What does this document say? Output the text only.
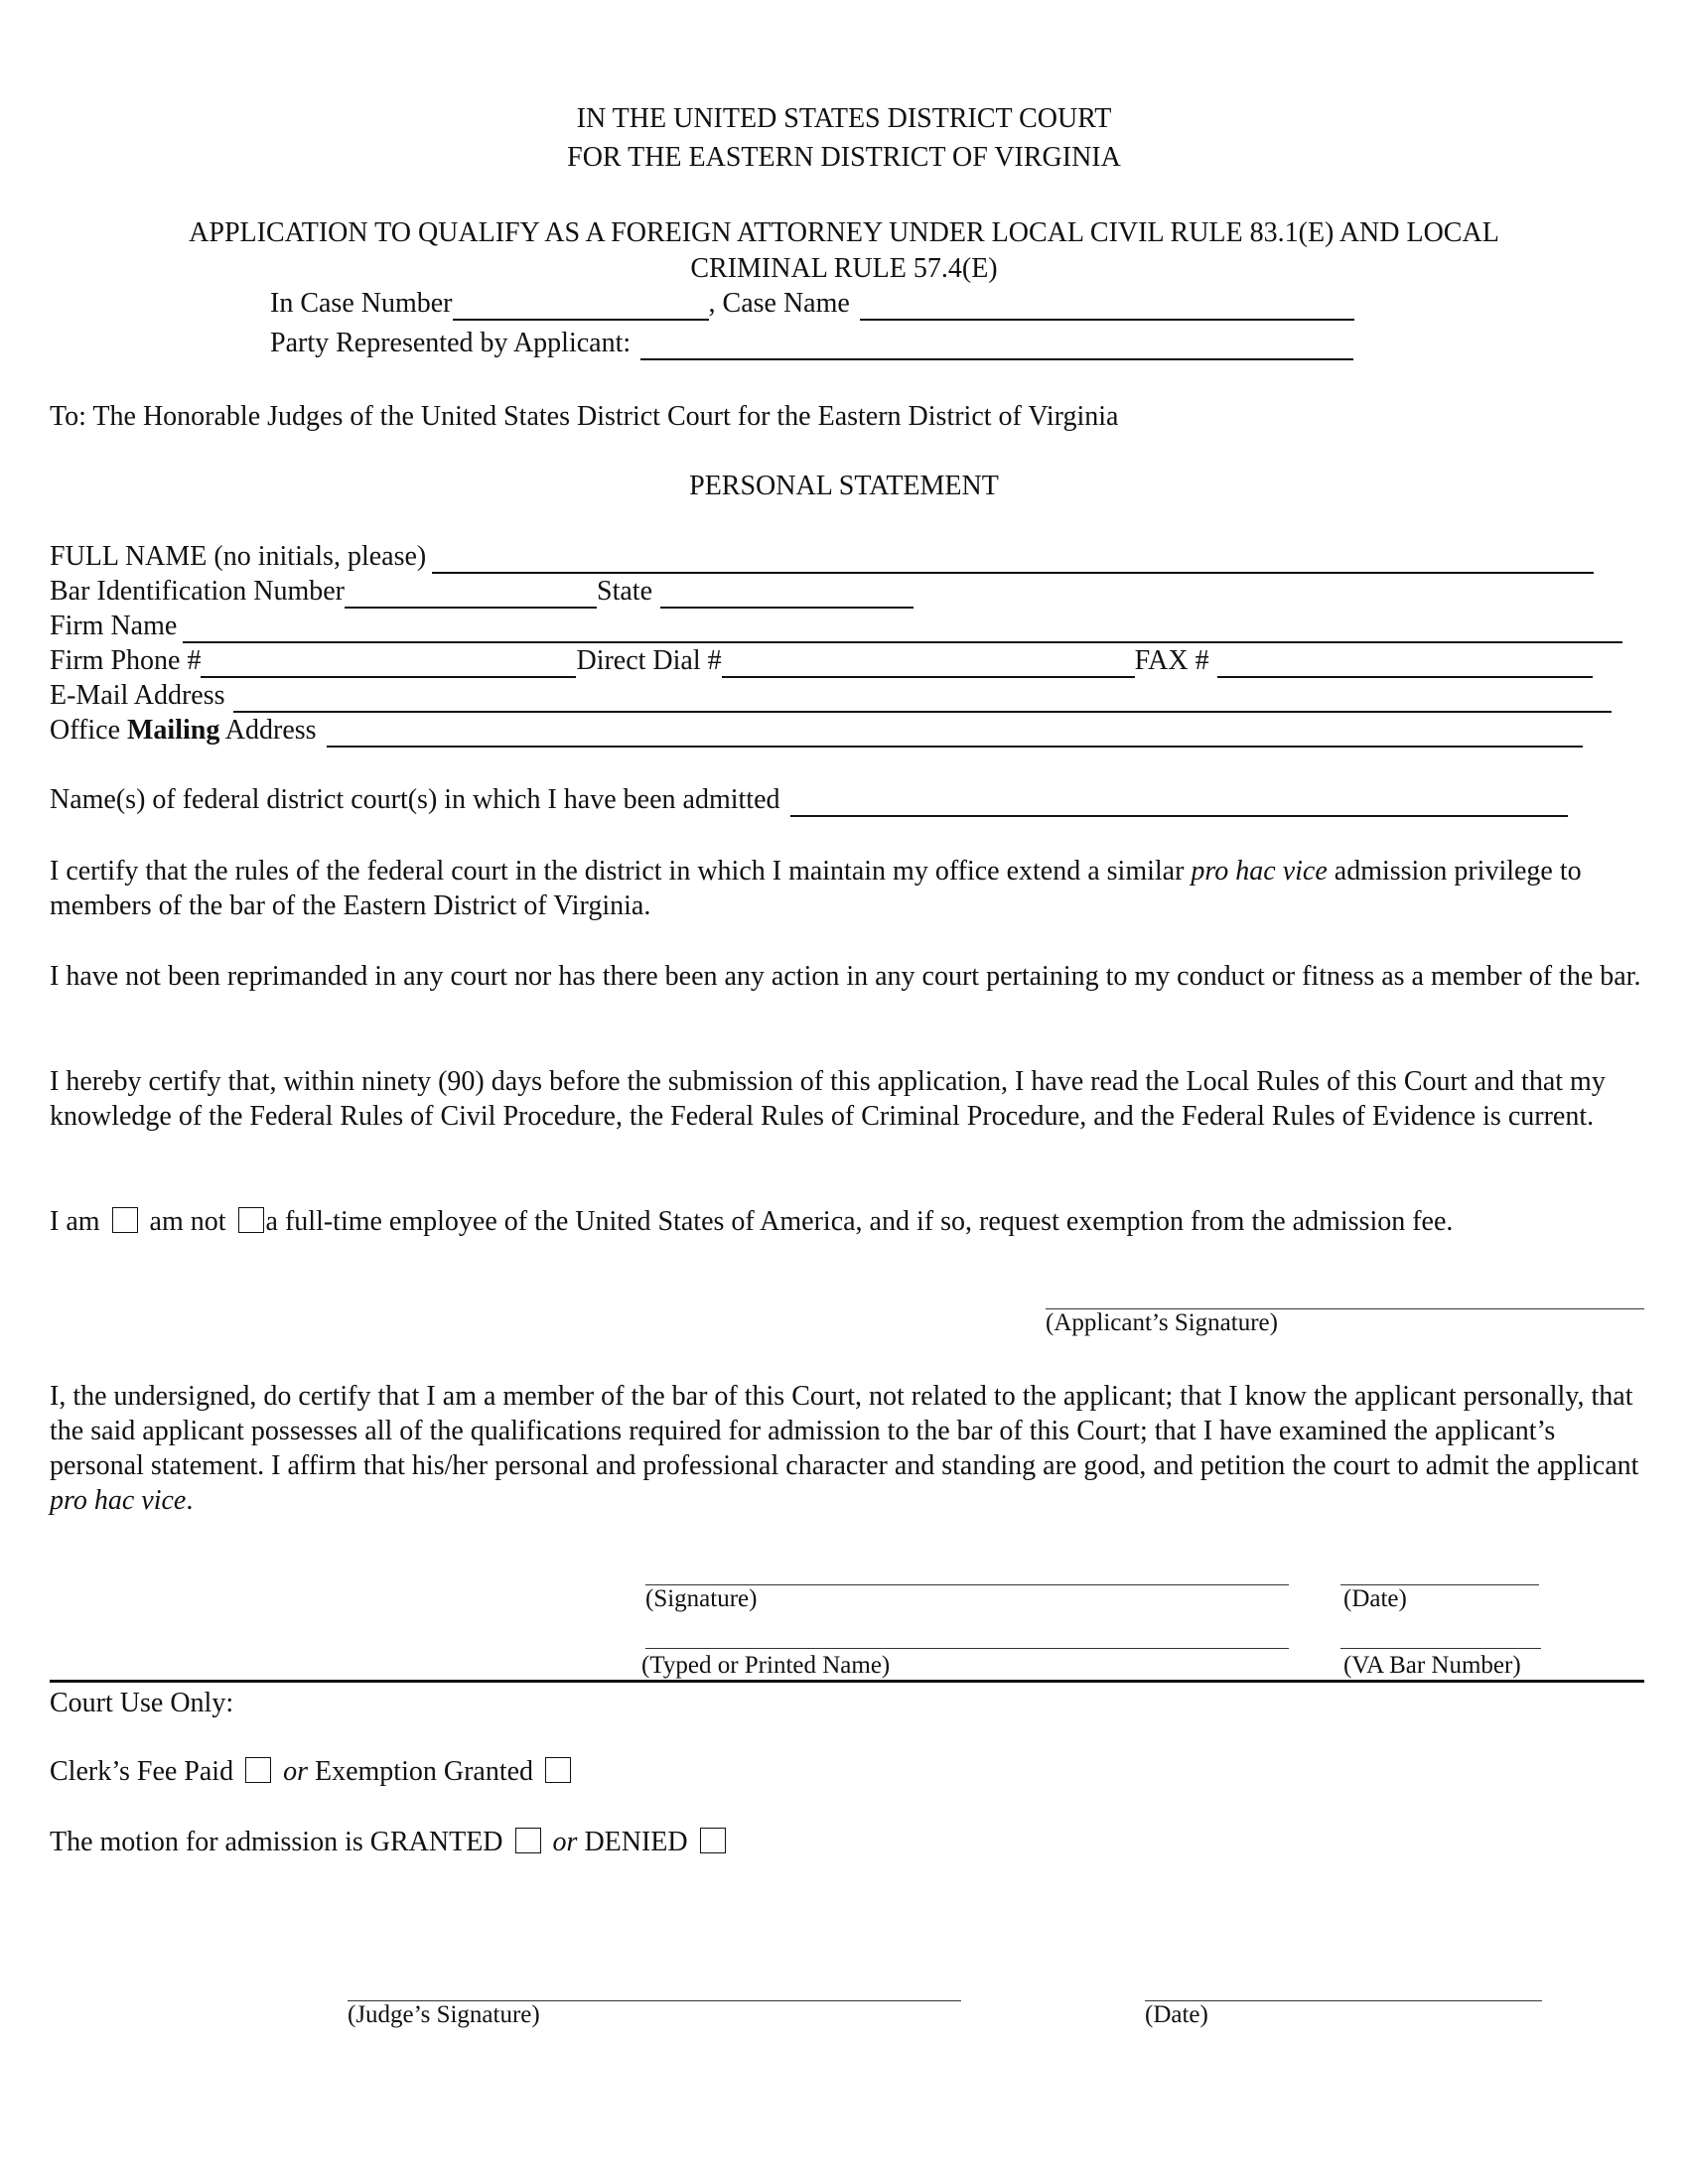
IN THE UNITED STATES DISTRICT COURT
FOR THE EASTERN DISTRICT OF VIRGINIA
APPLICATION TO QUALIFY AS A FOREIGN ATTORNEY UNDER LOCAL CIVIL RULE 83.1(E) AND LOCAL
CRIMINAL RULE 57.4(E)
In Case Number	, Case Name
Party Represented by Applicant:
To: The Honorable Judges of the United States District Court for the Eastern District of Virginia
PERSONAL STATEMENT
FULL NAME (no initials, please)
Bar Identification Number	State
Firm Name
Firm Phone #	Direct Dial #	FAX #
E-Mail Address
Office Mailing Address
Name(s) of federal district court(s) in which I have been admitted
I certify that the rules of the federal court in the district in which I maintain my office extend a similar pro hac vice admission privilege to members of the bar of the Eastern District of Virginia.
I have not been reprimanded in any court nor has there been any action in any court pertaining to my conduct or fitness as a member of the bar.
I hereby certify that, within ninety (90) days before the submission of this application, I have read the Local Rules of this Court and that my knowledge of the Federal Rules of Civil Procedure, the Federal Rules of Criminal Procedure, and the Federal Rules of Evidence is current.
I am am not a full-time employee of the United States of America, and if so, request exemption from the admission fee.
(Applicant’s Signature)
I, the undersigned, do certify that I am a member of the bar of this Court, not related to the applicant; that I know the applicant personally, that the said applicant possesses all of the qualifications required for admission to the bar of this Court; that I have examined the applicant’s personal statement. I affirm that his/her personal and professional character and standing are good, and petition the court to admit the applicant pro hac vice.
(Signature)	(Date)
(Typed or Printed Name)	(VA Bar Number)
Court Use Only:
Clerk’s Fee Paid or Exemption Granted
The motion for admission is GRANTED or DENIED
(Judge’s Signature)	(Date)
